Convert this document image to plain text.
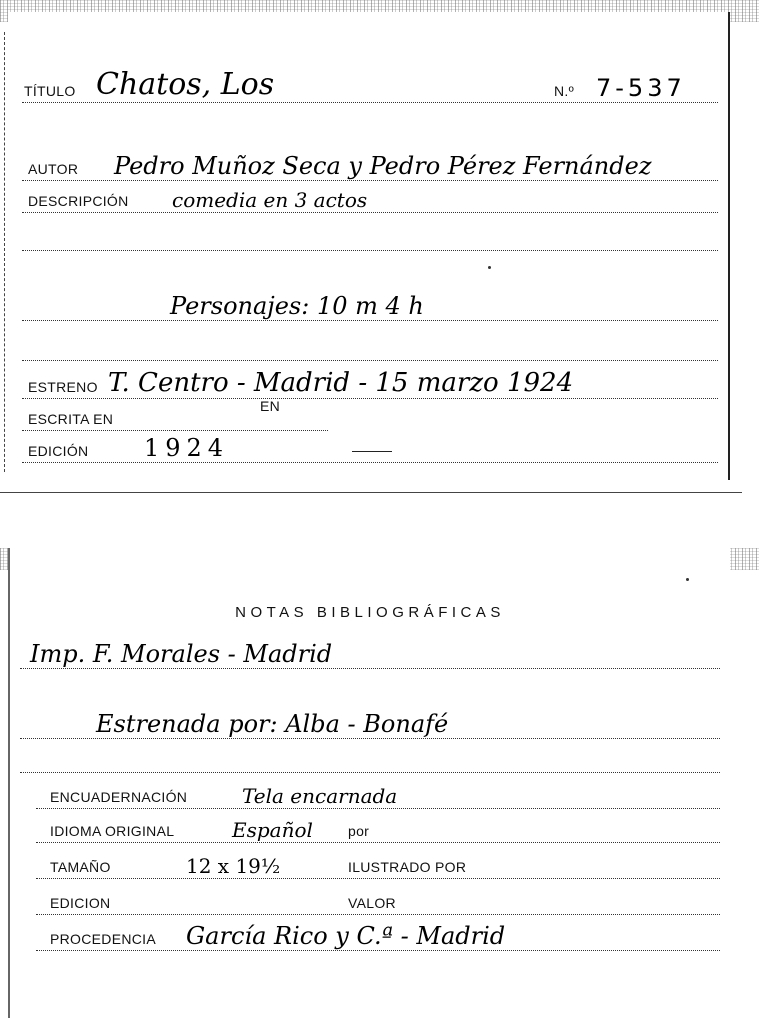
TÍTULO Chatos, Los	N.º 7-537
AUTOR Pedro Muñoz Seca y Pedro Pérez Fernández
DESCRIPCIÓN comedia en 3 actos
Personajes: 10 m 4 h
ESTRENO T. Centro - Madrid - 15 marzo 1924
ESCRITA EN
EN
EDICIÓN 1924
NOTAS BIBLIOGRÁFICAS
Imp. F. Morales - Madrid
Estrenada por: Alba - Bonafé
ENCUADERNACIÓN	Tela encarnada
IDIOMA ORIGINAL	Español	por
TAMAÑO	12 x 19½	ILUSTRADO POR
EDICION	VALOR
PROCEDENCIA García Rico y C.ª - Madrid
